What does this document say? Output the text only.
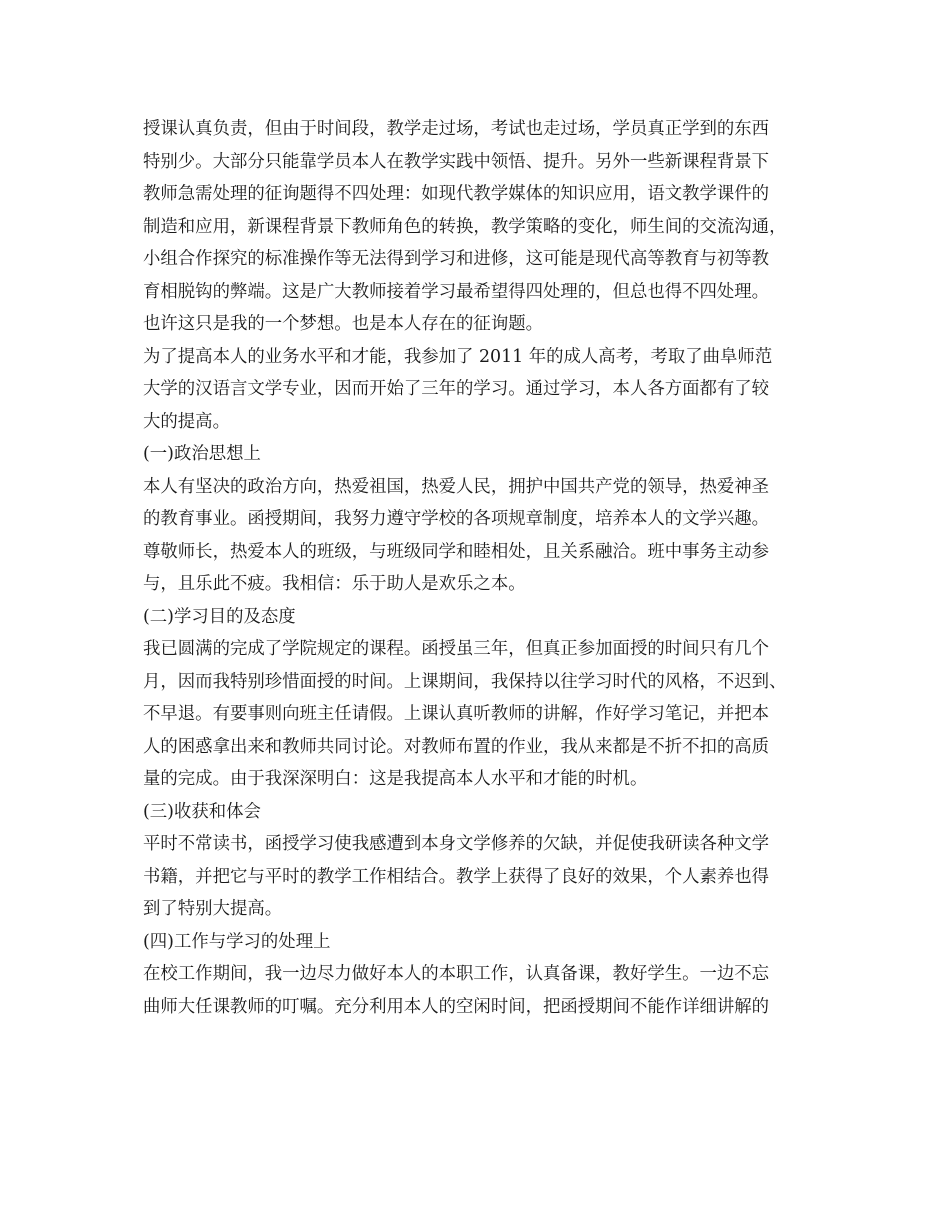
授课认真负责，但由于时间段，教学走过场，考试也走过场，学员真正学到的东西
特别少。大部分只能靠学员本人在教学实践中领悟、提升。另外一些新课程背景下
教师急需处理的征询题得不四处理：如现代教学媒体的知识应用，语文教学课件的
制造和应用，新课程背景下教师角色的转换，教学策略的变化，师生间的交流沟通，
小组合作探究的标准操作等无法得到学习和进修，这可能是现代高等教育与初等教
育相脱钩的弊端。这是广大教师接着学习最希望得四处理的，但总也得不四处理。
也许这只是我的一个梦想。也是本人存在的征询题。
为了提高本人的业务水平和才能，我参加了 2011 年的成人高考，考取了曲阜师范
大学的汉语言文学专业，因而开始了三年的学习。通过学习，本人各方面都有了较
大的提高。
(一)政治思想上
本人有坚决的政治方向，热爱祖国，热爱人民，拥护中国共产党的领导，热爱神圣
的教育事业。函授期间，我努力遵守学校的各项规章制度，培养本人的文学兴趣。
尊敬师长，热爱本人的班级，与班级同学和睦相处，且关系融洽。班中事务主动参
与，且乐此不疲。我相信：乐于助人是欢乐之本。
(二)学习目的及态度
我已圆满的完成了学院规定的课程。函授虽三年，但真正参加面授的时间只有几个
月，因而我特别珍惜面授的时间。上课期间，我保持以往学习时代的风格，不迟到、
不早退。有要事则向班主任请假。上课认真听教师的讲解，作好学习笔记，并把本
人的困惑拿出来和教师共同讨论。对教师布置的作业，我从来都是不折不扣的高质
量的完成。由于我深深明白：这是我提高本人水平和才能的时机。
(三)收获和体会
平时不常读书，函授学习使我感遭到本身文学修养的欠缺，并促使我研读各种文学
书籍，并把它与平时的教学工作相结合。教学上获得了良好的效果，个人素养也得
到了特别大提高。
(四)工作与学习的处理上
在校工作期间，我一边尽力做好本人的本职工作，认真备课，教好学生。一边不忘
曲师大任课教师的叮嘱。充分利用本人的空闲时间，把函授期间不能作详细讲解的
